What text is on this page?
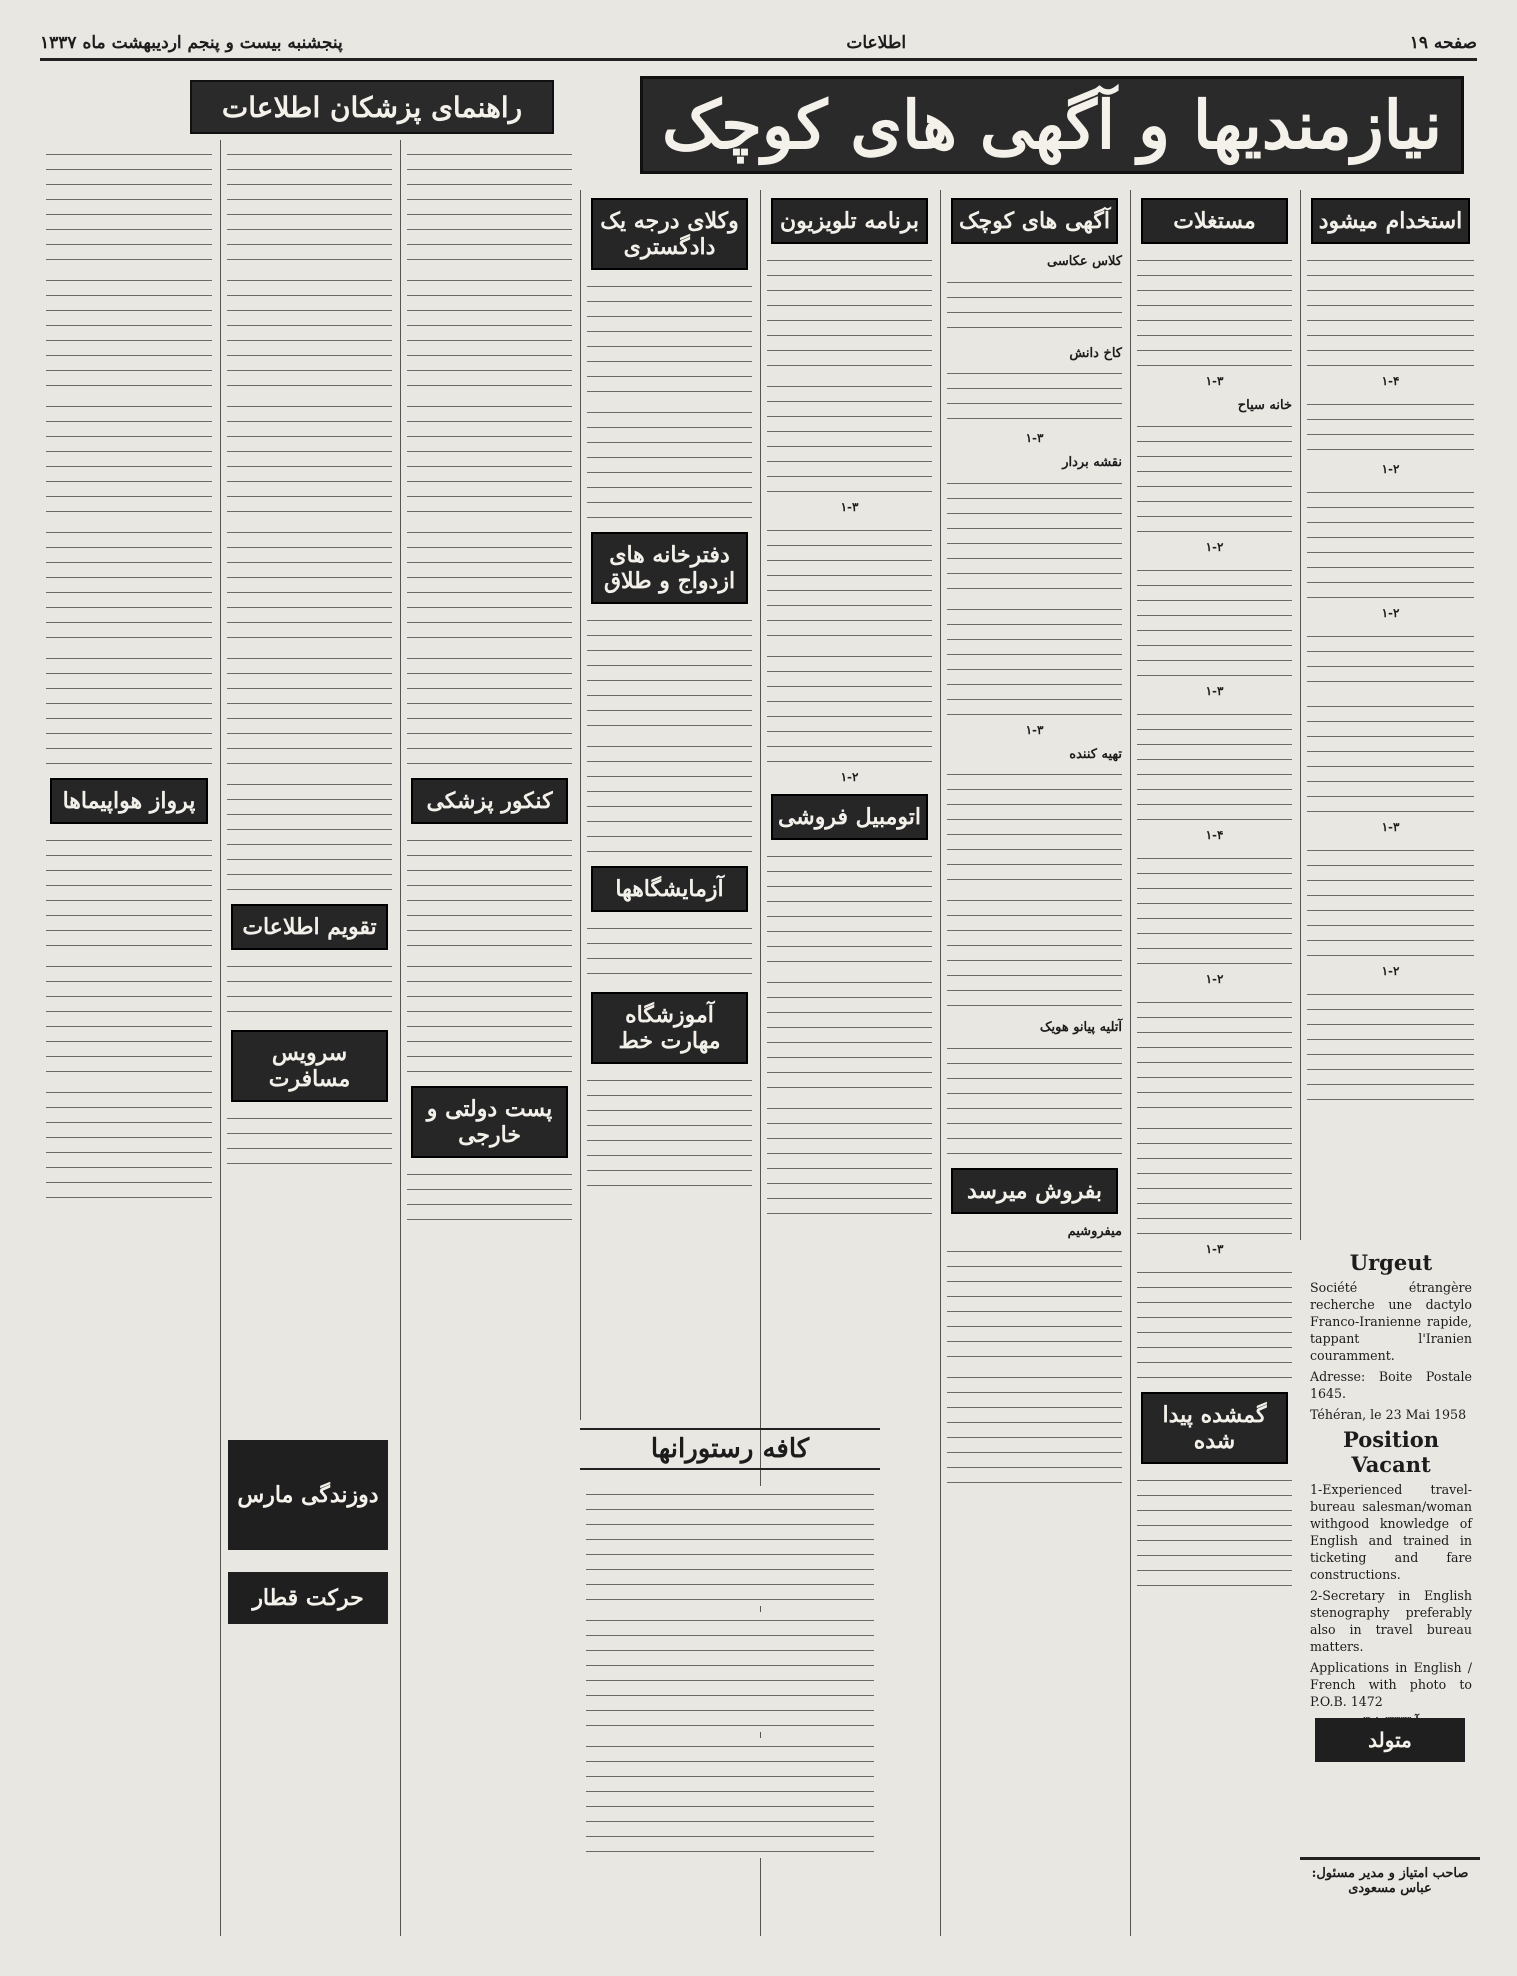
صفحه ۱۹
اطلاعات
پنجشنبه بیست و پنجم اردیبهشت ماه ۱۳۳۷
نیازمندیها و آگهی های کوچک
راهنمای پزشکان اطلاعات
استخدام میشود
۱-۴
۱-۲
۱-۲
۱-۳
۱-۲
مستغلات
۱-۳
خانه سیاح
۱-۲
۱-۳
۱-۴
۱-۲
۱-۳
گمشده پیدا شده
آگهی های کوچک
کلاس عکاسی
کاخ دانش
۱-۳
نقشه بردار
۱-۳
تهیه کننده
آتلیه پیانو هویک
بفروش میرسد
میفروشیم
برنامه تلویزیون
۱-۳
۱-۲
اتومبیل فروشی
وکلای درجه یک دادگستری
دفترخانه های ازدواج و طلاق
آزمایشگاهها
آموزشگاه مهارت خط
کافه رستورانها
کنکور پزشکی
پست دولتی و خارجی
تقویم اطلاعات
سرویس مسافرت
دوزندگی مارس
حرکت قطار
پرواز هواپیماها
Urgeut

Société étrangère recherche une dactylo Franco-Iranienne rapide, tappant l'Iranien couramment.

Adresse: Boite Postale 1645.

Téhéran, le 23 Mai 1958

Position Vacant

1-Experienced travel-bureau salesman/woman withgood knowledge of English and trained in ticketing and fare constructions.

2-Secretary in English stenography preferably also in travel bureau matters.

Applications in English / French with photo to P.O.B. 1472

متولد
صاحب امتیاز و مدیر مسئول: عباس مسعودی
